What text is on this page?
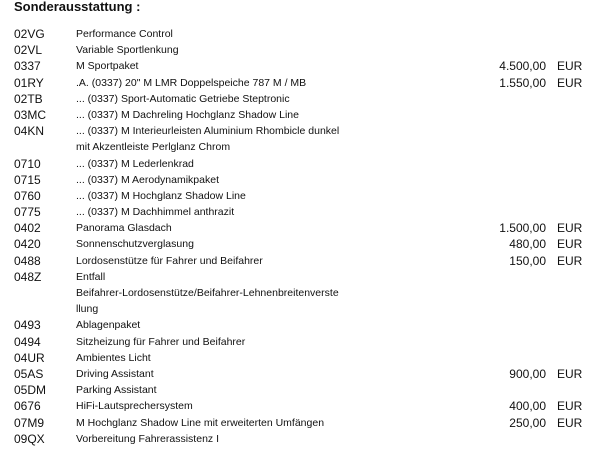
Sonderausstattung :
02VG	Performance Control
02VL	Variable Sportlenkung
0337	M Sportpaket	4.500,00 EUR
01RY	.A. (0337) 20" M LMR Doppelspeiche 787 M / MB	1.550,00 EUR
02TB	... (0337) Sport-Automatic Getriebe Steptronic
03MC	... (0337) M Dachreling Hochglanz Shadow Line
04KN	... (0337) M Interieurleisten Aluminium Rhombicle dunkel
mit Akzentleiste Perlglanz Chrom
0710	... (0337) M Lederlenkrad
0715	... (0337) M Aerodynamikpaket
0760	... (0337) M Hochglanz Shadow Line
0775	... (0337) M Dachhimmel anthrazit
0402	Panorama Glasdach	1.500,00 EUR
0420	Sonnenschutzverglasung	480,00 EUR
0488	Lordosenstütze für Fahrer und Beifahrer	150,00 EUR
048Z	Entfall
Beifahrer-Lordosenstütze/Beifahrer-Lehnenbreitenverste
llung
0493	Ablagenpaket
0494	Sitzheizung für Fahrer und Beifahrer
04UR	Ambientes Licht
05AS	Driving Assistant	900,00 EUR
05DM	Parking Assistant
0676	HiFi-Lautsprechersystem	400,00 EUR
07M9	M Hochglanz Shadow Line mit erweiterten Umfängen	250,00 EUR
09QX	Vorbereitung Fahrerassistenz I
